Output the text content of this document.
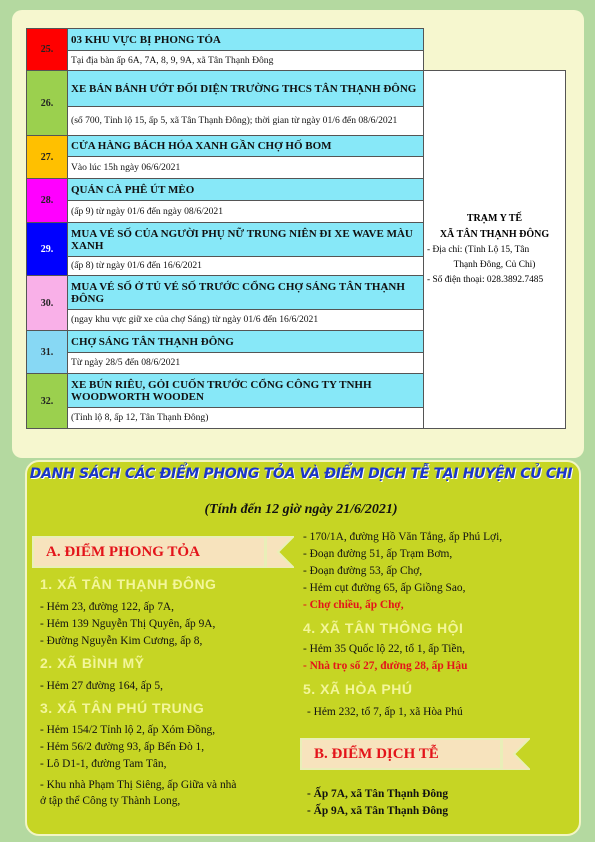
25.	03 KHU VỰC BỊ PHONG TỎA	
	Tại địa bàn ấp 6A, 7A, 8, 9, 9A, xã Tân Thạnh Đông	
26.	XE BÁN BÁNH ƯỚT ĐỐI DIỆN TRƯỜNG THCS TÂN THẠNH ĐÔNG	TRẠM Y TẾ
XÃ TÂN THẠNH ĐÔNG
- Địa chỉ: (Tỉnh Lộ 15, Tân
Thạnh Đông, Củ Chi)
- Số điện thoại: 028.3892.7485

	(số 700, Tỉnh lộ 15, ấp 5, xã Tân Thạnh Đông); thời gian từ ngày 01/6 đến 08/6/2021	
27.	CỬA HÀNG BÁCH HÓA XANH GẦN CHỢ HỐ BOM	
	Vào lúc 15h ngày 06/6/2021	
28.	QUÁN CÀ PHÊ ÚT MÈO	
	(ấp 9) từ ngày 01/6 đến ngày 08/6/2021	
29.	MUA VÉ SỐ CỦA NGƯỜI PHỤ NỮ TRUNG NIÊN ĐI XE WAVE MÀU XANH	
	(ấp 8) từ ngày 01/6 đến 16/6/2021	
30.	MUA VÉ SỐ Ở TỦ VÉ SỐ TRƯỚC CỔNG CHỢ SÁNG TÂN THẠNH ĐÔNG	
	(ngay khu vực giữ xe của chợ Sáng) từ ngày 01/6 đến 16/6/2021	
31.	CHỢ SÁNG TÂN THẠNH ĐÔNG	
	Từ ngày 28/5 đến 08/6/2021	
32.	XE BÚN RIÊU, GỎI CUỐN TRƯỚC CỔNG CÔNG TY TNHH WOODWORTH WOODEN	
	(Tỉnh lộ 8, ấp 12, Tân Thạnh Đông)	
DANH SÁCH CÁC ĐIỂM PHONG TỎA VÀ ĐIỂM DỊCH TỄ TẠI HUYỆN CỦ CHI
(Tính đến 12 giờ ngày 21/6/2021)
A. ĐIỂM PHONG TỎA
B. ĐIỂM DỊCH TỄ
1. XÃ TÂN THẠNH ĐÔNG
- Hẻm 23, đường 122, ấp 7A,
- Hẻm 139 Nguyễn Thị Quyên, ấp 9A,
- Đường Nguyễn Kim Cương, ấp 8,
2. XÃ BÌNH MỸ
- Hẻm 27 đường 164, ấp 5,
3. XÃ TÂN PHÚ TRUNG
- Hẻm 154/2 Tỉnh lộ 2, ấp Xóm Đồng,
- Hẻm 56/2 đường 93, ấp Bến Đò 1,
- Lô D1-1, đường Tam Tân,
- Khu nhà Phạm Thị Siêng, ấp Giữa và nhà
ở tập thể Công ty Thành Long,
- 170/1A, đường Hồ Văn Tắng, ấp Phú Lợi,
- Đoạn đường 51, ấp Trạm Bơm,
- Đoạn đường 53, ấp Chợ,
- Hẻm cụt đường 65, ấp Giồng Sao,
- Chợ chiều, ấp Chợ,
4. XÃ TÂN THÔNG HỘI
- Hẻm 35 Quốc lộ 22, tổ 1, ấp Tiền,
- Nhà trọ số 27, đường 28, ấp Hậu
5. XÃ HÒA PHÚ
- Hẻm 232, tổ 7, ấp 1, xã Hòa Phú
- Ấp 7A, xã Tân Thạnh Đông
- Ấp 9A, xã Tân Thạnh Đông
